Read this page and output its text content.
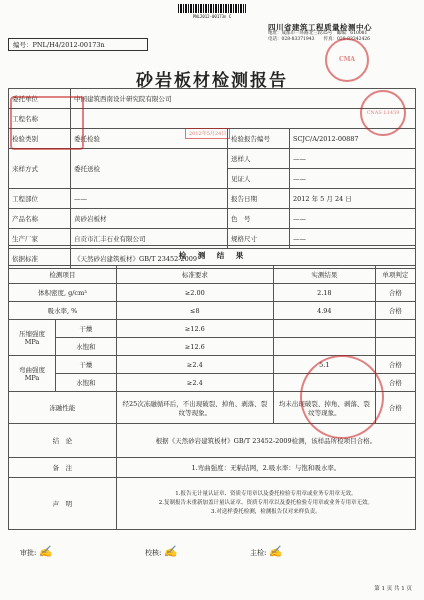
PNL2012-00173n C
编号：PNL/H4/2012-00173n
四川省建筑工程质量检测中心
地址：成都市一环路北三段35号　邮编：610081
电话：028-83371943　　传真：028-83342426
砂岩板材检测报告
委托单位	中国建筑西南设计研究院有限公司		
工程名称			
检验类别	委托检验	检验报告编号	SCJC/A/2012-00887
来样方式	委托送检	送样人	——
		见证人	——
工程部位	——	报告日期	2012 年 5 月 24 日
产品名称	黄砂岩板材	色　号	——
生产厂家	自贡市汇丰石业有限公司	规格尺寸	——
依据标准	《天然砂岩建筑板材》GB/T 23452-2009		
检　测　结　果				
检测项目		标准要求	实测结果	单项判定
体积密度, g/cm³		≥2.00	2.18	合格
吸水率, %		≤8	4.94	合格
压缩强度 MPa	干燥	≥12.6		
	水饱和	≥12.6		
弯曲强度 MPa	干燥	≥2.4	5.1	合格
	水饱和	≥2.4		合格
冻融性能		经25次冻融循环后，不出现破裂、掉角、剥落、裂纹等现象。	均未出现破裂、掉角、剥落、裂纹等现象。	合格
结　论		根据《天然砂岩建筑板材》GB/T 23452-2009检测，该样品所检项目合格。		
备　注		1.弯曲强度：无粘结网，2.吸水率：与饱和吸水率。		
声　明		1.报告无计量认证章、资质专用章以及委托检验专用章或业务专用章无效。
2.复制报告未重新加盖计量认证章、资质专用章以及委托检验专用章或业务专用章无效。
3.对送样委托检测，检测报告仅对来样负责。		
审批: ✍	校核: ✍	主检: ✍
第 1 页 共 1 页
CMA
CNAS L1459
2012年5月24日
